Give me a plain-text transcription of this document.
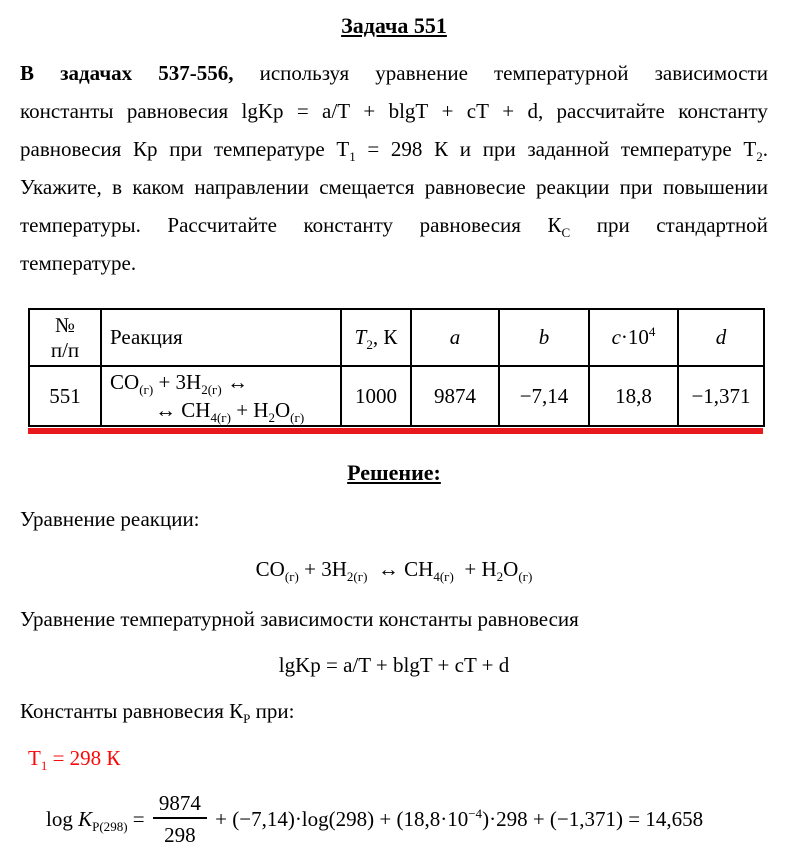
Задача 551
В задачах 537-556, используя уравнение температурной зависимости
константы равновесия lgKp = a/T + blgT + cT + d, рассчитайте константу
равновесия Кр при температуре $Т_1 = 298$ К и при заданной температуре $Т_2$.
Укажите, в каком направлении смещается равновесие реакции при повышении
температуры. Рассчитайте константу равновесия $К_С$ при стандартной
температуре.
№
п/п	Реакция	$T_2$, К	a	b	$c\cdot 10^4$	d
551	$CO_{(г)} + 3H_{2(г)}$ ↔
↔ $CH_{4(г)} + H_2O_{(г)}$	1000	9874	−7,14	18,8	−1,371
Решение:
Уравнение реакции:
$CO_{(г)} + 3H_{2(г)}$  ↔ $CH_{4(г)} + H_2O_{(г)}$
Уравнение температурной зависимости константы равновесия
lgKp = a/T + blgT + cT + d
Константы равновесия $К_Р$ при:
$Т_1 = 298$ К
$\log K_{Р(298)} = \frac{9874}{298} + (-7,14)\cdot\log(298) + (18,8\cdot 10^{-4})\cdot 298 + (-1,371) = 14,658$
